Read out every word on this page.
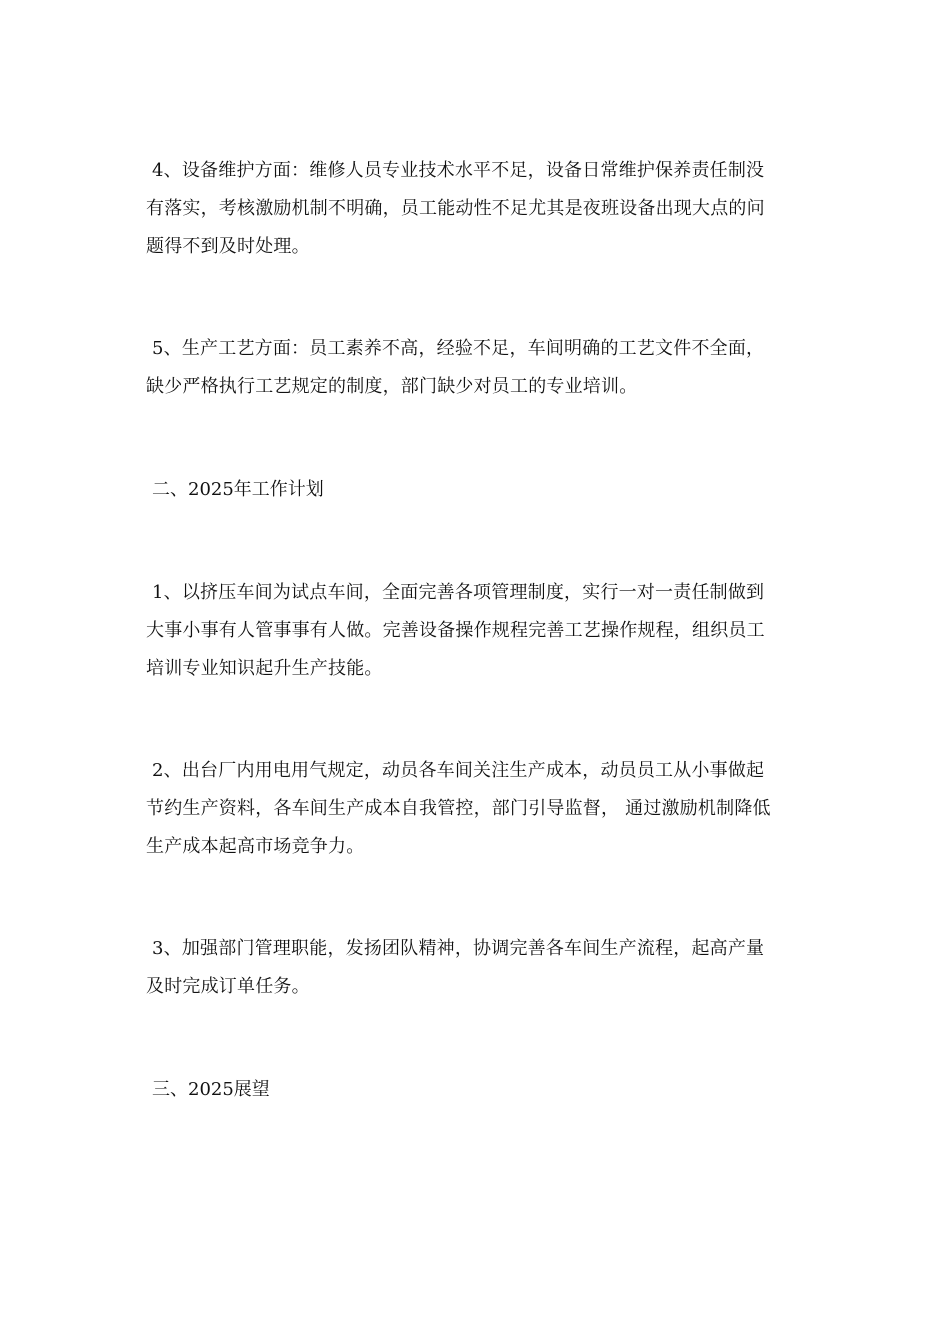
4、设备维护方面：维修人员专业技术水平不足，设备日常维护保养责任制没
有落实，考核激励机制不明确，员工能动性不足尤其是夜班设备出现大点的问
题得不到及时处理。
5、生产工艺方面：员工素养不高，经验不足，车间明确的工艺文件不全面，
缺少严格执行工艺规定的制度，部门缺少对员工的专业培训。
二、2025年工作计划
1、以挤压车间为试点车间，全面完善各项管理制度，实行一对一责任制做到
大事小事有人管事事有人做。完善设备操作规程完善工艺操作规程，组织员工
培训专业知识起升生产技能。
2、出台厂内用电用气规定，动员各车间关注生产成本，动员员工从小事做起
节约生产资料，各车间生产成本自我管控，部门引导监督， 通过激励机制降低
生产成本起高市场竞争力。
3、加强部门管理职能，发扬团队精神，协调完善各车间生产流程，起高产量
及时完成订单任务。
三、2025展望
